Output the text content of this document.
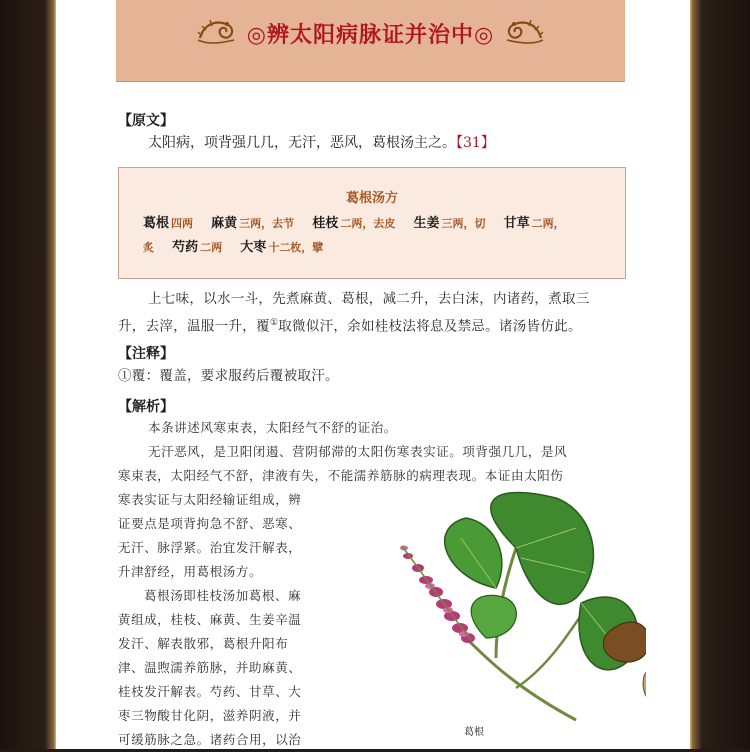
◎辨太阳病脉证并治中◎
【原文】
太阳病，项背强几几，无汗，恶风，葛根汤主之。【31】
葛根汤方
葛根 四两 麻黄 三两，去节 桂枝 二两，去皮 生姜 三两，切 甘草 二两，
炙 芍药 二两 大枣 十二枚，擘
上七味，以水一斗，先煮麻黄、葛根，减二升，去白沫，内诸药，煮取三
升，去滓，温服一升，覆①取微似汗，余如桂枝法将息及禁忌。诸汤皆仿此。
【注释】
①覆：覆盖，要求服药后覆被取汗。
【解析】
本条讲述风寒束表，太阳经气不舒的证治。
无汗恶风，是卫阳闭遏、营阴郁滞的太阳伤寒表实证。项背强几几，是风
寒束表，太阳经气不舒，津液有失，不能濡养筋脉的病理表现。本证由太阳伤
寒表实证与太阳经输证组成，辨
证要点是项背拘急不舒、恶寒、
无汗、脉浮紧。治宜发汗解表，
升津舒经，用葛根汤方。
葛根汤即桂枝汤加葛根、麻
黄组成，桂枝、麻黄、生姜辛温
发汗、解表散邪，葛根升阳布
津、温煦濡养筋脉，并助麻黄、
桂枝发汗解表。芍药、甘草、大
枣三物酸甘化阴，滋养阴液，并
可缓筋脉之急。诸药合用，以治	葛根
